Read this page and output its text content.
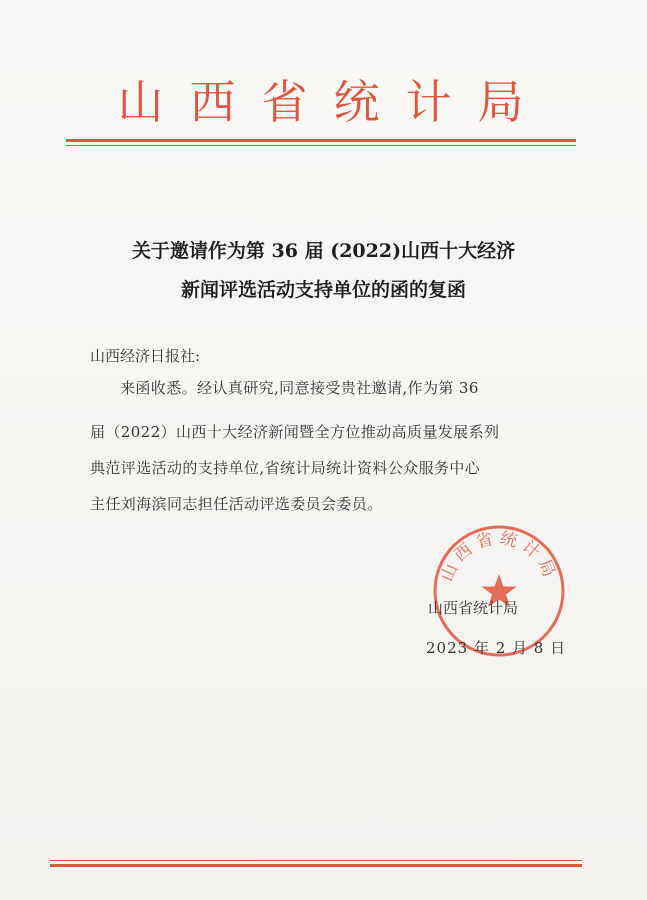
山西省统计局
关于邀请作为第 36 届 (2022)山西十大经济
新闻评选活动支持单位的函的复函
山西经济日报社:
来函收悉。经认真研究,同意接受贵社邀请,作为第 36
届（2022）山西十大经济新闻暨全方位推动高质量发展系列
典范评选活动的支持单位,省统计局统计资料公众服务中心
主任刘海滨同志担任活动评选委员会委员。
山西省统计局
山西省统计局
2023 年 2 月 8 日
